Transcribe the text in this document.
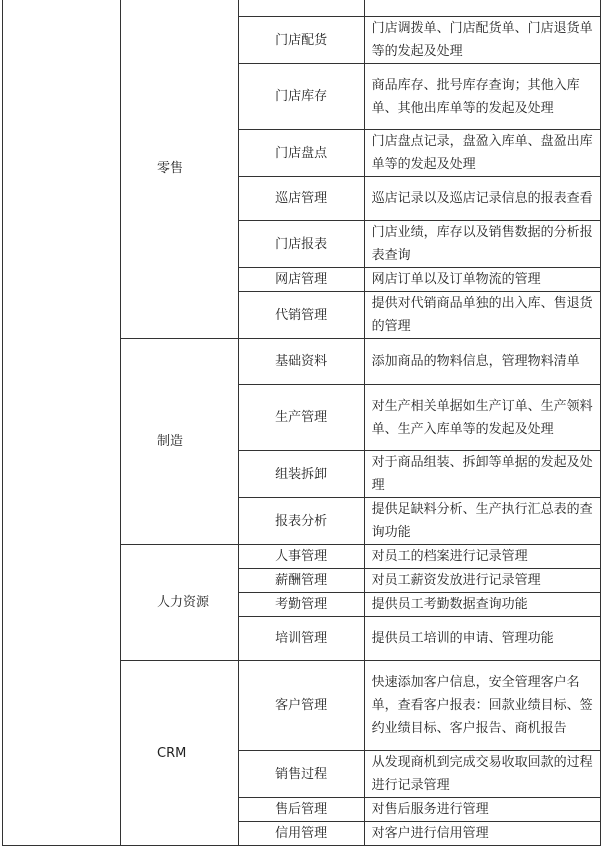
	零售		
		门店配货	门店调拨单、门店配货单、门店退货单等的发起及处理
		门店库存	商品库存、批号库存查询；其他入库单、其他出库单等的发起及处理
		门店盘点	门店盘点记录，盘盈入库单、盘盈出库单等的发起及处理
		巡店管理	巡店记录以及巡店记录信息的报表查看
		门店报表	门店业绩，库存以及销售数据的分析报表查询
		网店管理	网店订单以及订单物流的管理
		代销管理	提供对代销商品单独的出入库、售退货的管理
	制造	基础资料	添加商品的物料信息，管理物料清单
		生产管理	对生产相关单据如生产订单、生产领料单、生产入库单等的发起及处理
		组装拆卸	对于商品组装、拆卸等单据的发起及处理
		报表分析	提供足缺料分析、生产执行汇总表的查询功能
	人力资源	人事管理	对员工的档案进行记录管理
		薪酬管理	对员工薪资发放进行记录管理
		考勤管理	提供员工考勤数据查询功能
		培训管理	提供员工培训的申请、管理功能
	CRM	客户管理	快速添加客户信息，安全管理客户名单，查看客户报表：回款业绩目标、签约业绩目标、客户报告、商机报告
		销售过程	从发现商机到完成交易收取回款的过程进行记录管理
		售后管理	对售后服务进行管理
		信用管理	对客户进行信用管理
